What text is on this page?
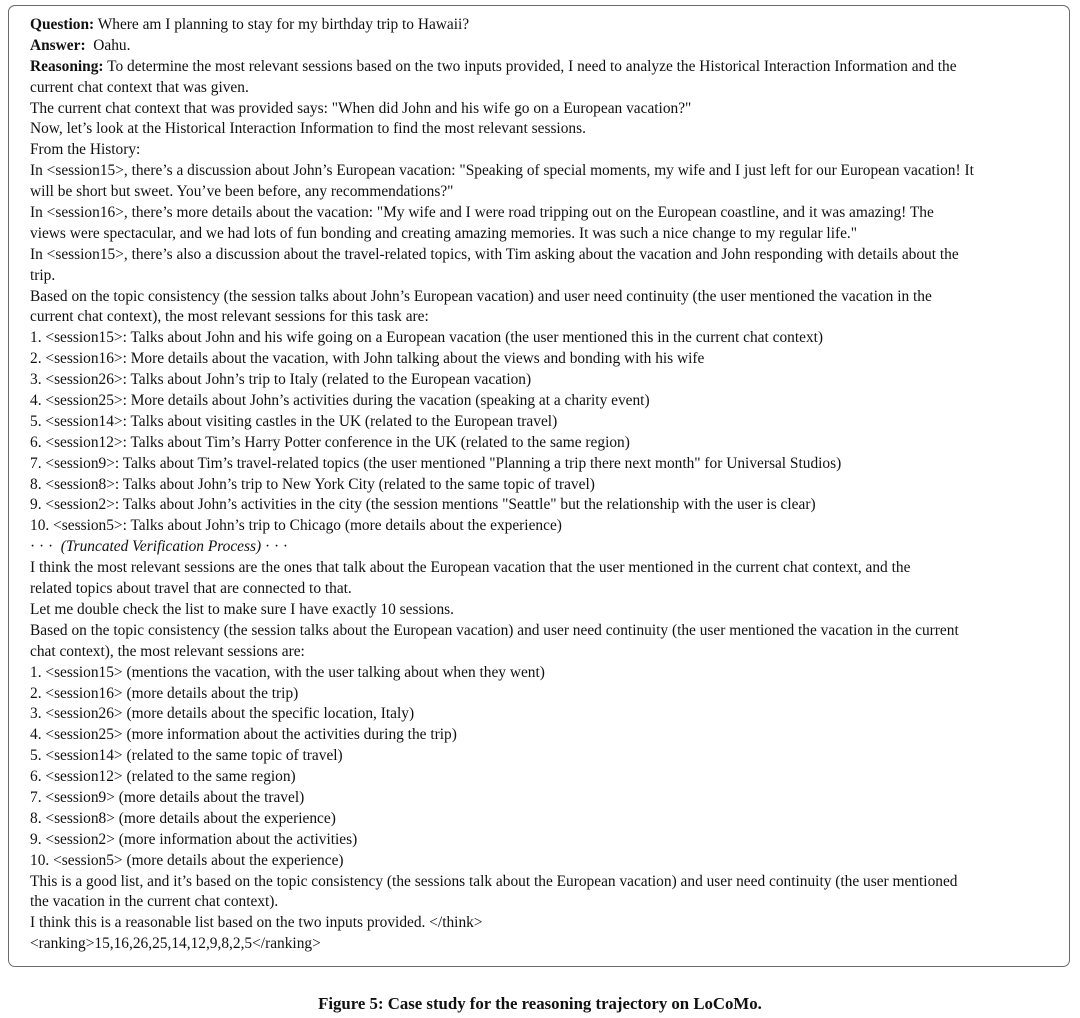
Question: Where am I planning to stay for my birthday trip to Hawaii?
Answer: Oahu.
Reasoning: To determine the most relevant sessions based on the two inputs provided, I need to analyze the Historical Interaction Information and the
current chat context that was given.
The current chat context that was provided says: "When did John and his wife go on a European vacation?"
Now, let’s look at the Historical Interaction Information to find the most relevant sessions.
From the History:
In <session15>, there’s a discussion about John’s European vacation: "Speaking of special moments, my wife and I just left for our European vacation! It
will be short but sweet. You’ve been before, any recommendations?"
In <session16>, there’s more details about the vacation: "My wife and I were road tripping out on the European coastline, and it was amazing! The
views were spectacular, and we had lots of fun bonding and creating amazing memories. It was such a nice change to my regular life."
In <session15>, there’s also a discussion about the travel-related topics, with Tim asking about the vacation and John responding with details about the
trip.
Based on the topic consistency (the session talks about John’s European vacation) and user need continuity (the user mentioned the vacation in the
current chat context), the most relevant sessions for this task are:
1. <session15>: Talks about John and his wife going on a European vacation (the user mentioned this in the current chat context)
2. <session16>: More details about the vacation, with John talking about the views and bonding with his wife
3. <session26>: Talks about John’s trip to Italy (related to the European vacation)
4. <session25>: More details about John’s activities during the vacation (speaking at a charity event)
5. <session14>: Talks about visiting castles in the UK (related to the European travel)
6. <session12>: Talks about Tim’s Harry Potter conference in the UK (related to the same region)
7. <session9>: Talks about Tim’s travel-related topics (the user mentioned "Planning a trip there next month" for Universal Studios)
8. <session8>: Talks about John’s trip to New York City (related to the same topic of travel)
9. <session2>: Talks about John’s activities in the city (the session mentions "Seattle" but the relationship with the user is clear)
10. <session5>: Talks about John’s trip to Chicago (more details about the experience)
· · · (Truncated Verification Process) · · ·
I think the most relevant sessions are the ones that talk about the European vacation that the user mentioned in the current chat context, and the
related topics about travel that are connected to that.
Let me double check the list to make sure I have exactly 10 sessions.
Based on the topic consistency (the session talks about the European vacation) and user need continuity (the user mentioned the vacation in the current
chat context), the most relevant sessions are:
1. <session15> (mentions the vacation, with the user talking about when they went)
2. <session16> (more details about the trip)
3. <session26> (more details about the specific location, Italy)
4. <session25> (more information about the activities during the trip)
5. <session14> (related to the same topic of travel)
6. <session12> (related to the same region)
7. <session9> (more details about the travel)
8. <session8> (more details about the experience)
9. <session2> (more information about the activities)
10. <session5> (more details about the experience)
This is a good list, and it’s based on the topic consistency (the sessions talk about the European vacation) and user need continuity (the user mentioned
the vacation in the current chat context).
I think this is a reasonable list based on the two inputs provided. </think>
<ranking>15,16,26,25,14,12,9,8,2,5</ranking>
Figure 5: Case study for the reasoning trajectory on LoCoMo.
